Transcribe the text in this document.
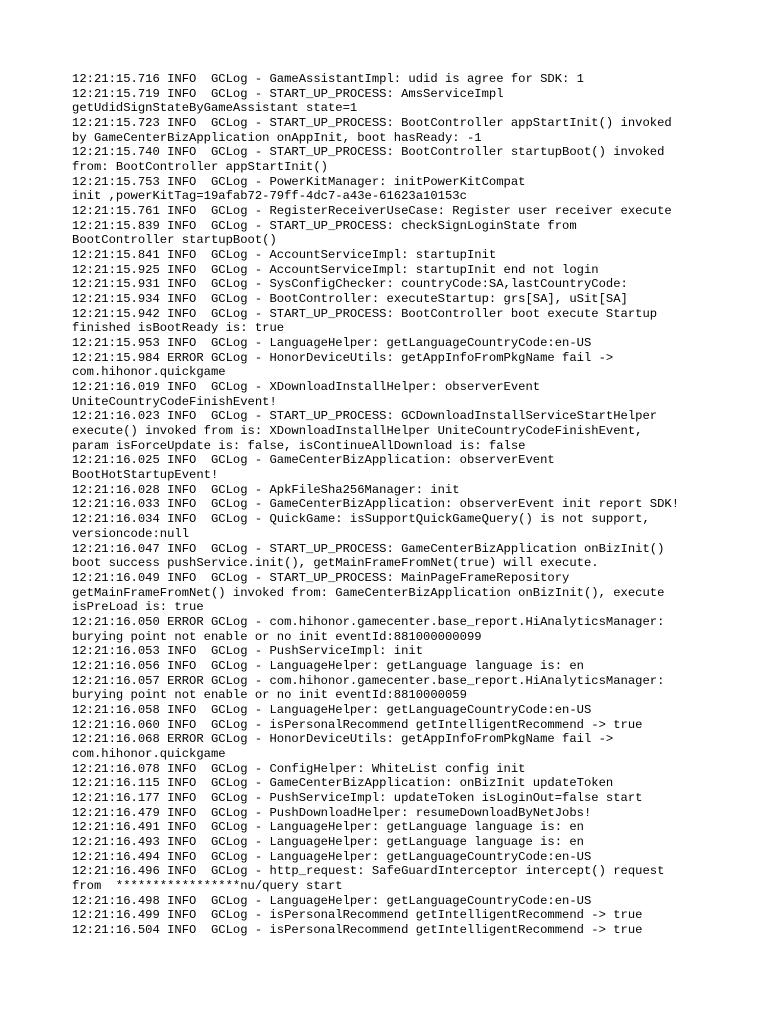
12:21:15.716 INFO  GCLog - GameAssistantImpl: udid is agree for SDK: 1
12:21:15.719 INFO  GCLog - START_UP_PROCESS: AmsServiceImpl
getUdidSignStateByGameAssistant state=1
12:21:15.723 INFO  GCLog - START_UP_PROCESS: BootController appStartInit() invoked
by GameCenterBizApplication onAppInit, boot hasReady: -1
12:21:15.740 INFO  GCLog - START_UP_PROCESS: BootController startupBoot() invoked
from: BootController appStartInit()
12:21:15.753 INFO  GCLog - PowerKitManager: initPowerKitCompat
init ,powerKitTag=19afab72-79ff-4dc7-a43e-61623a10153c
12:21:15.761 INFO  GCLog - RegisterReceiverUseCase: Register user receiver execute
12:21:15.839 INFO  GCLog - START_UP_PROCESS: checkSignLoginState from
BootController startupBoot()
12:21:15.841 INFO  GCLog - AccountServiceImpl: startupInit
12:21:15.925 INFO  GCLog - AccountServiceImpl: startupInit end not login
12:21:15.931 INFO  GCLog - SysConfigChecker: countryCode:SA,lastCountryCode:
12:21:15.934 INFO  GCLog - BootController: executeStartup: grs[SA], uSit[SA]
12:21:15.942 INFO  GCLog - START_UP_PROCESS: BootController boot execute Startup
finished isBootReady is: true
12:21:15.953 INFO  GCLog - LanguageHelper: getLanguageCountryCode:en-US
12:21:15.984 ERROR GCLog - HonorDeviceUtils: getAppInfoFromPkgName fail ->
com.hihonor.quickgame
12:21:16.019 INFO  GCLog - XDownloadInstallHelper: observerEvent
UniteCountryCodeFinishEvent!
12:21:16.023 INFO  GCLog - START_UP_PROCESS: GCDownloadInstallServiceStartHelper
execute() invoked from is: XDownloadInstallHelper UniteCountryCodeFinishEvent,
param isForceUpdate is: false, isContinueAllDownload is: false
12:21:16.025 INFO  GCLog - GameCenterBizApplication: observerEvent
BootHotStartupEvent!
12:21:16.028 INFO  GCLog - ApkFileSha256Manager: init
12:21:16.033 INFO  GCLog - GameCenterBizApplication: observerEvent init report SDK!
12:21:16.034 INFO  GCLog - QuickGame: isSupportQuickGameQuery() is not support,
versioncode:null
12:21:16.047 INFO  GCLog - START_UP_PROCESS: GameCenterBizApplication onBizInit()
boot success pushService.init(), getMainFrameFromNet(true) will execute.
12:21:16.049 INFO  GCLog - START_UP_PROCESS: MainPageFrameRepository
getMainFrameFromNet() invoked from: GameCenterBizApplication onBizInit(), execute
isPreLoad is: true
12:21:16.050 ERROR GCLog - com.hihonor.gamecenter.base_report.HiAnalyticsManager:
burying point not enable or no init eventId:881000000099
12:21:16.053 INFO  GCLog - PushServiceImpl: init
12:21:16.056 INFO  GCLog - LanguageHelper: getLanguage language is: en
12:21:16.057 ERROR GCLog - com.hihonor.gamecenter.base_report.HiAnalyticsManager:
burying point not enable or no init eventId:8810000059
12:21:16.058 INFO  GCLog - LanguageHelper: getLanguageCountryCode:en-US
12:21:16.060 INFO  GCLog - isPersonalRecommend getIntelligentRecommend -> true
12:21:16.068 ERROR GCLog - HonorDeviceUtils: getAppInfoFromPkgName fail ->
com.hihonor.quickgame
12:21:16.078 INFO  GCLog - ConfigHelper: WhiteList config init
12:21:16.115 INFO  GCLog - GameCenterBizApplication: onBizInit updateToken
12:21:16.177 INFO  GCLog - PushServiceImpl: updateToken isLoginOut=false start
12:21:16.479 INFO  GCLog - PushDownloadHelper: resumeDownloadByNetJobs!
12:21:16.491 INFO  GCLog - LanguageHelper: getLanguage language is: en
12:21:16.493 INFO  GCLog - LanguageHelper: getLanguage language is: en
12:21:16.494 INFO  GCLog - LanguageHelper: getLanguageCountryCode:en-US
12:21:16.496 INFO  GCLog - http_request: SafeGuardInterceptor intercept() request
from  *****************nu/query start
12:21:16.498 INFO  GCLog - LanguageHelper: getLanguageCountryCode:en-US
12:21:16.499 INFO  GCLog - isPersonalRecommend getIntelligentRecommend -> true
12:21:16.504 INFO  GCLog - isPersonalRecommend getIntelligentRecommend -> true
